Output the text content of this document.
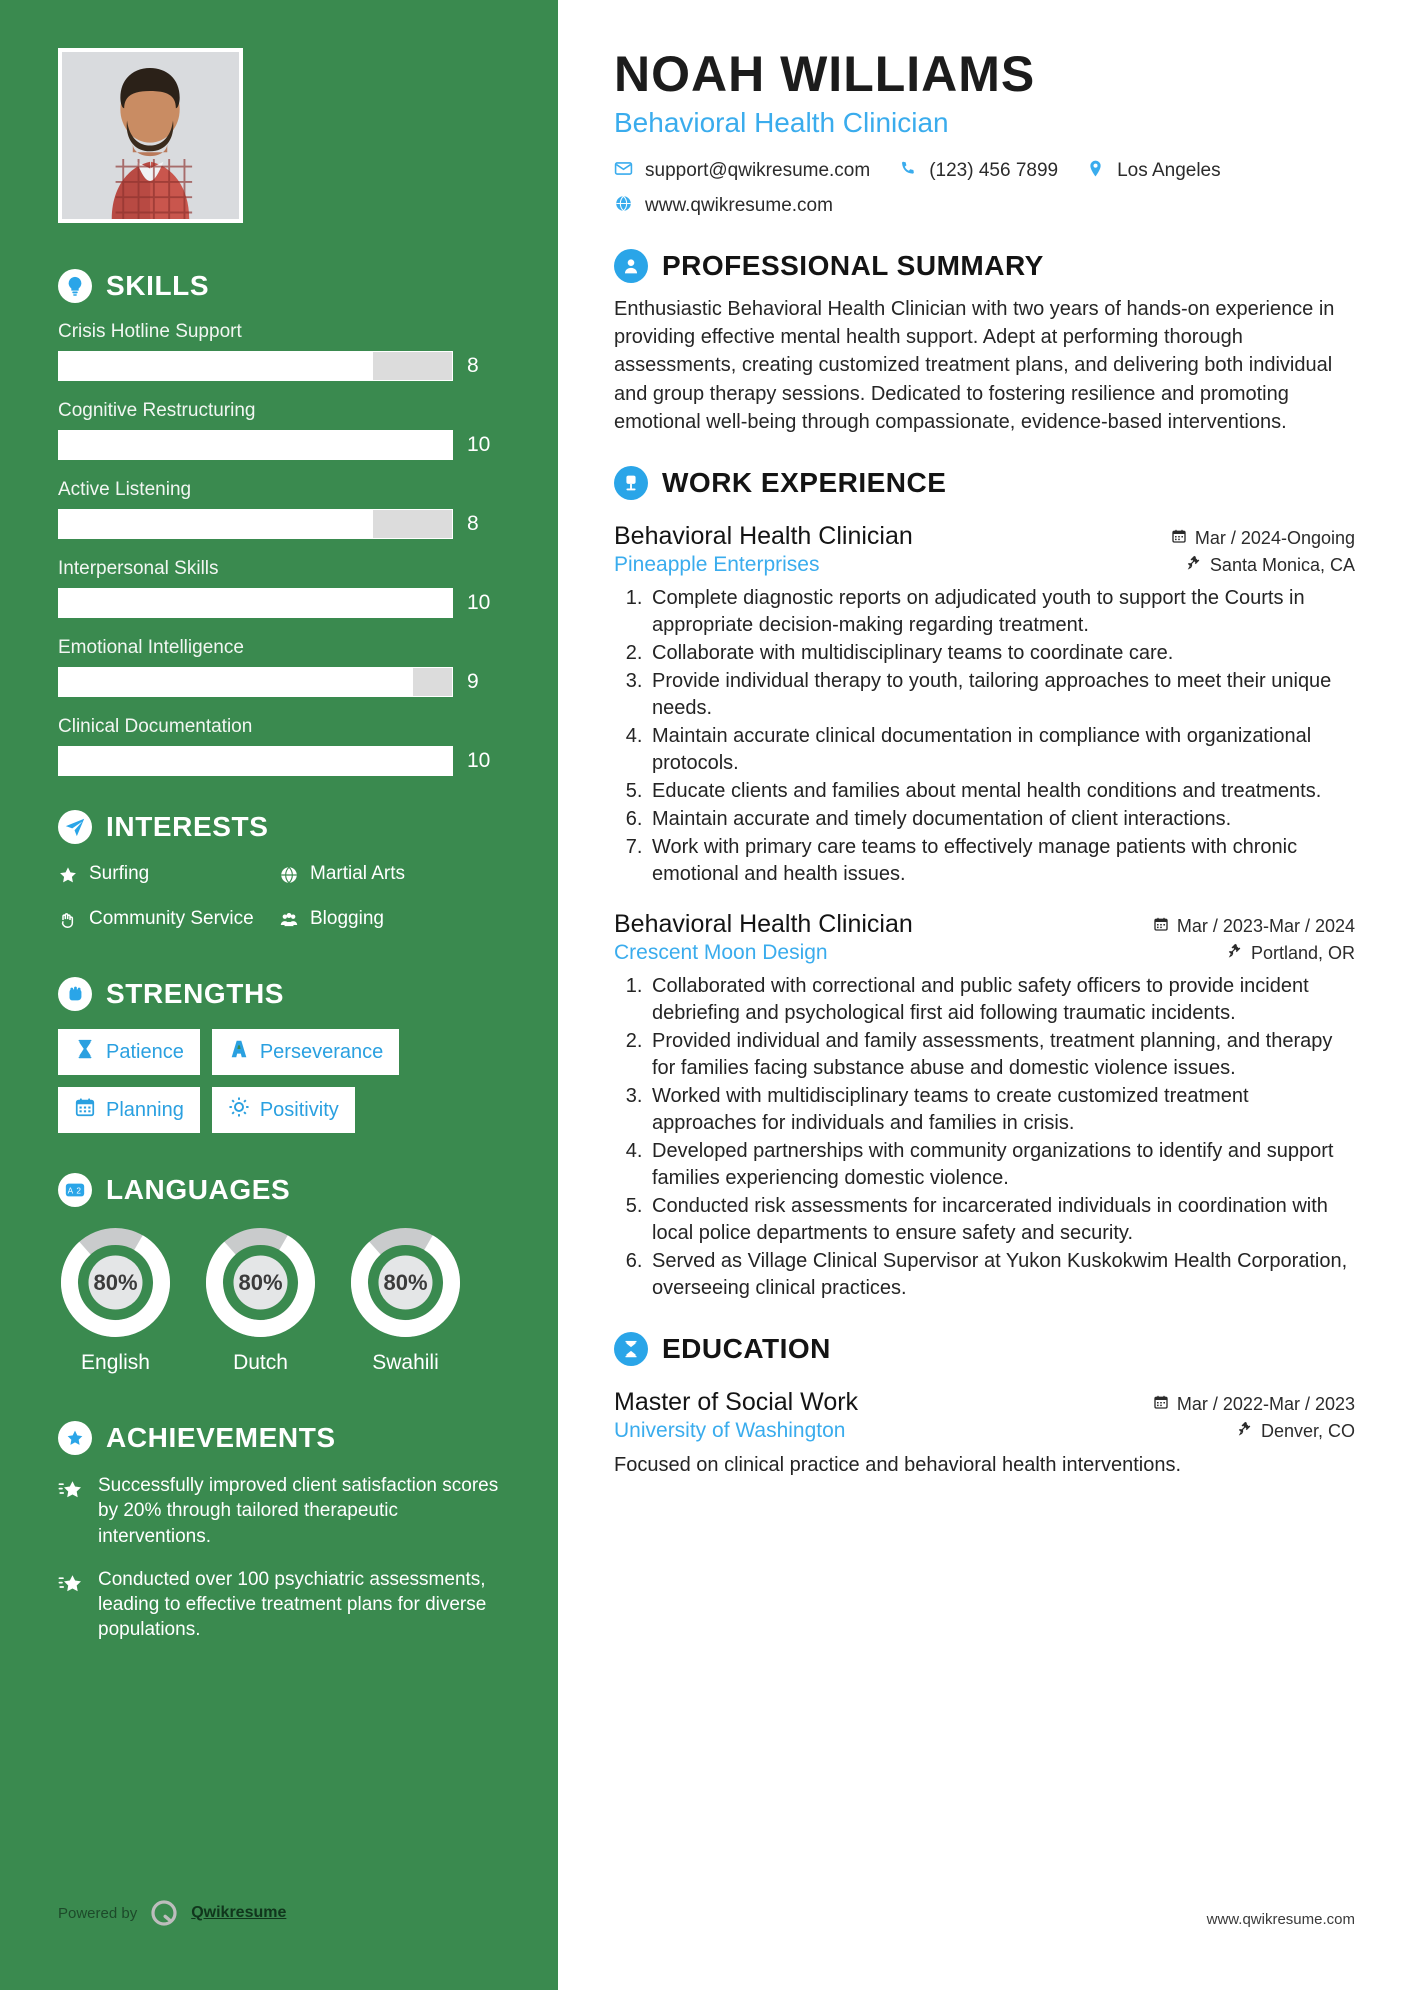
SKILLS
Crisis Hotline Support
8
Cognitive Restructuring
10
Active Listening
8
Interpersonal Skills
10
Emotional Intelligence
9
Clinical Documentation
10
INTERESTS
Surfing	Martial Arts
Community Service	Blogging
STRENGTHS
Patience	Perseverance
Planning	Positivity
A 2 LANGUAGES
80%
English
80%
Dutch
80%
Swahili
ACHIEVEMENTS
Successfully improved client satisfaction scores by 20% through tailored therapeutic interventions.
Conducted over 100 psychiatric assessments, leading to effective treatment plans for diverse populations.
Powered by	Qwikresume
NOAH WILLIAMS
Behavioral Health Clinician
support@qwikresume.com	(123) 456 7899	Los Angeles
www.qwikresume.com
PROFESSIONAL SUMMARY

Enthusiastic Behavioral Health Clinician with two years of hands-on experience in providing effective mental health support. Adept at performing thorough assessments, creating customized treatment plans, and delivering both individual and group therapy sessions. Dedicated to fostering resilience and promoting emotional well-being through compassionate, evidence-based interventions.

WORK EXPERIENCE
Behavioral Health Clinician	Mar / 2024-Ongoing
Pineapple Enterprises	Santa Monica, CA
1. Complete diagnostic reports on adjudicated youth to support the Courts in appropriate decision-making regarding treatment.
2. Collaborate with multidisciplinary teams to coordinate care.
3. Provide individual therapy to youth, tailoring approaches to meet their unique needs.
4. Maintain accurate clinical documentation in compliance with organizational protocols.
5. Educate clients and families about mental health conditions and treatments.
6. Maintain accurate and timely documentation of client interactions.
7. Work with primary care teams to effectively manage patients with chronic emotional and health issues.
Behavioral Health Clinician	Mar / 2023-Mar / 2024
Crescent Moon Design	Portland, OR
1. Collaborated with correctional and public safety officers to provide incident debriefing and psychological first aid following traumatic incidents.
2. Provided individual and family assessments, treatment planning, and therapy for families facing substance abuse and domestic violence issues.
3. Worked with multidisciplinary teams to create customized treatment approaches for individuals and families in crisis.
4. Developed partnerships with community organizations to identify and support families experiencing domestic violence.
5. Conducted risk assessments for incarcerated individuals in coordination with local police departments to ensure safety and security.
6. Served as Village Clinical Supervisor at Yukon Kuskokwim Health Corporation, overseeing clinical practices.
EDUCATION
Master of Social Work	Mar / 2022-Mar / 2023
University of Washington	Denver, CO
Focused on clinical practice and behavioral health interventions.
www.qwikresume.com
